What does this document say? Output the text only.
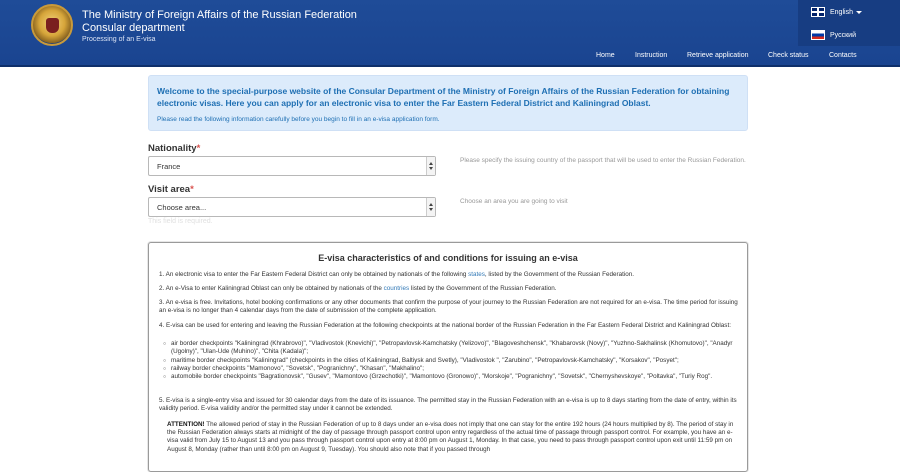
The Ministry of Foreign Affairs of the Russian Federation
Consular department
Processing of an E-visa
English
Русский
Home	Instruction	Retrieve application	Check status	Contacts
Welcome to the special-purpose website of the Consular Department of the Ministry of Foreign Affairs of the Russian Federation for obtaining electronic visas. Here you can apply for an electronic visa to enter the Far Eastern Federal District and Kaliningrad Oblast.
Please read the following information carefully before you begin to fill in an e-visa application form.
Nationality*
France
Please specify the issuing country of the passport that will be used to enter the Russian Federation.
Visit area*
Choose area...
Choose an area you are going to visit
This field is required.
E-visa characteristics of and conditions for issuing an e-visa
1. An electronic visa to enter the Far Eastern Federal District can only be obtained by nationals of the following states, listed by the Government of the Russian Federation.
2. An e-Visa to enter Kaliningrad Oblast can only be obtained by nationals of the countries listed by the Government of the Russian Federation.
3. An e-visa is free. Invitations, hotel booking confirmations or any other documents that confirm the purpose of your journey to the Russian Federation are not required for an e-visa. The time period for issuing an e-visa is no longer than 4 calendar days from the date of submission of the complete application.
4. E-visa can be used for entering and leaving the Russian Federation at the following checkpoints at the national border of the Russian Federation in the Far Eastern Federal District and Kaliningrad Oblast:
○ air border checkpoints "Kaliningrad (Khrabrovo)", "Vladivostok (Knevichi)", "Petropavlovsk-Kamchatsky (Yelizovo)", "Blagoveshchensk", "Khabarovsk (Novy)", "Yuzhno-Sakhalinsk (Khomutovo)", "Anadyr (Ugolny)", "Ulan-Ude (Muhino)", "Chita (Kadala)";
○ maritime border checkpoints "Kaliningrad" (checkpoints in the cities of Kaliningrad, Baltiysk and Svetly), "Vladivostok ", "Zarubino", "Petropavlovsk-Kamchatsky", "Korsakov", "Posyet";
○ railway border checkpoints "Mamonovo", "Sovetsk", "Pogranichny", "Khasan", "Makhalino";
○ automobile border checkpoints "Bagrationovsk", "Gusev", "Mamontovo (Grzechotki)", "Mamontovo (Gronowo)", "Morskoje", "Pogranichny", "Sovetsk", "Chernyshevskoye", "Poltavka", "Turiy Rog".
5. E-visa is a single-entry visa and issued for 30 calendar days from the date of its issuance. The permitted stay in the Russian Federation with an e-visa is up to 8 days starting from the date of entry, within its validity period. E-visa validity and/or the permitted stay under it cannot be extended.
ATTENTION! The allowed period of stay in the Russian Federation of up to 8 days under an e-visa does not imply that one can stay for the entire 192 hours (24 hours multiplied by 8). The period of stay in the Russian Federation always starts at midnight of the day of passage through passport control upon entry regardless of the actual time of passage through passport control. For example, you have an e-visa valid from July 15 to August 13 and you pass through passport control upon entry at 8:00 pm on August 1, Monday. In that case, you need to pass through passport control upon exit until 11:59 pm on August 8, Monday (rather than until 8:00 pm on August 9, Tuesday). You should also note that if you passed through
